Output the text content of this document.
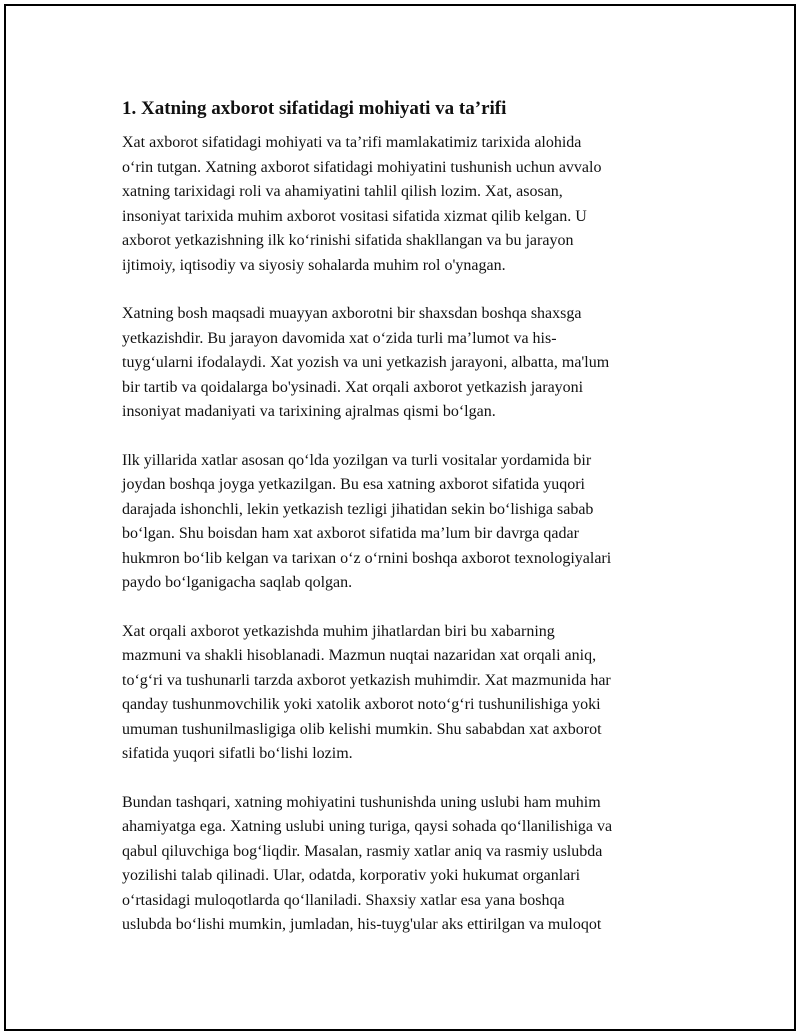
1. Xatning axborot sifatidagi mohiyati va ta’rifi

Xat axborot sifatidagi mohiyati va ta’rifi mamlakatimiz tarixida alohida
o‘rin tutgan. Xatning axborot sifatidagi mohiyatini tushunish uchun avvalo
xatning tarixidagi roli va ahamiyatini tahlil qilish lozim. Xat, asosan,
insoniyat tarixida muhim axborot vositasi sifatida xizmat qilib kelgan. U
axborot yetkazishning ilk ko‘rinishi sifatida shakllangan va bu jarayon
ijtimoiy, iqtisodiy va siyosiy sohalarda muhim rol o'ynagan.

Xatning bosh maqsadi muayyan axborotni bir shaxsdan boshqa shaxsga
yetkazishdir. Bu jarayon davomida xat o‘zida turli ma’lumot va his-
tuyg‘ularni ifodalaydi. Xat yozish va uni yetkazish jarayoni, albatta, ma'lum
bir tartib va qoidalarga bo'ysinadi. Xat orqali axborot yetkazish jarayoni
insoniyat madaniyati va tarixining ajralmas qismi bo‘lgan.

Ilk yillarida xatlar asosan qo‘lda yozilgan va turli vositalar yordamida bir
joydan boshqa joyga yetkazilgan. Bu esa xatning axborot sifatida yuqori
darajada ishonchli, lekin yetkazish tezligi jihatidan sekin bo‘lishiga sabab
bo‘lgan. Shu boisdan ham xat axborot sifatida ma’lum bir davrga qadar
hukmron bo‘lib kelgan va tarixan o‘z o‘rnini boshqa axborot texnologiyalari
paydo bo‘lganigacha saqlab qolgan.

Xat orqali axborot yetkazishda muhim jihatlardan biri bu xabarning
mazmuni va shakli hisoblanadi. Mazmun nuqtai nazaridan xat orqali aniq,
to‘g‘ri va tushunarli tarzda axborot yetkazish muhimdir. Xat mazmunida har
qanday tushunmovchilik yoki xatolik axborot noto‘g‘ri tushunilishiga yoki
umuman tushunilmasligiga olib kelishi mumkin. Shu sababdan xat axborot
sifatida yuqori sifatli bo‘lishi lozim.

Bundan tashqari, xatning mohiyatini tushunishda uning uslubi ham muhim
ahamiyatga ega. Xatning uslubi uning turiga, qaysi sohada qo‘llanilishiga va
qabul qiluvchiga bog‘liqdir. Masalan, rasmiy xatlar aniq va rasmiy uslubda
yozilishi talab qilinadi. Ular, odatda, korporativ yoki hukumat organlari
o‘rtasidagi muloqotlarda qo‘llaniladi. Shaxsiy xatlar esa yana boshqa
uslubda bo‘lishi mumkin, jumladan, his-tuyg'ular aks ettirilgan va muloqot
